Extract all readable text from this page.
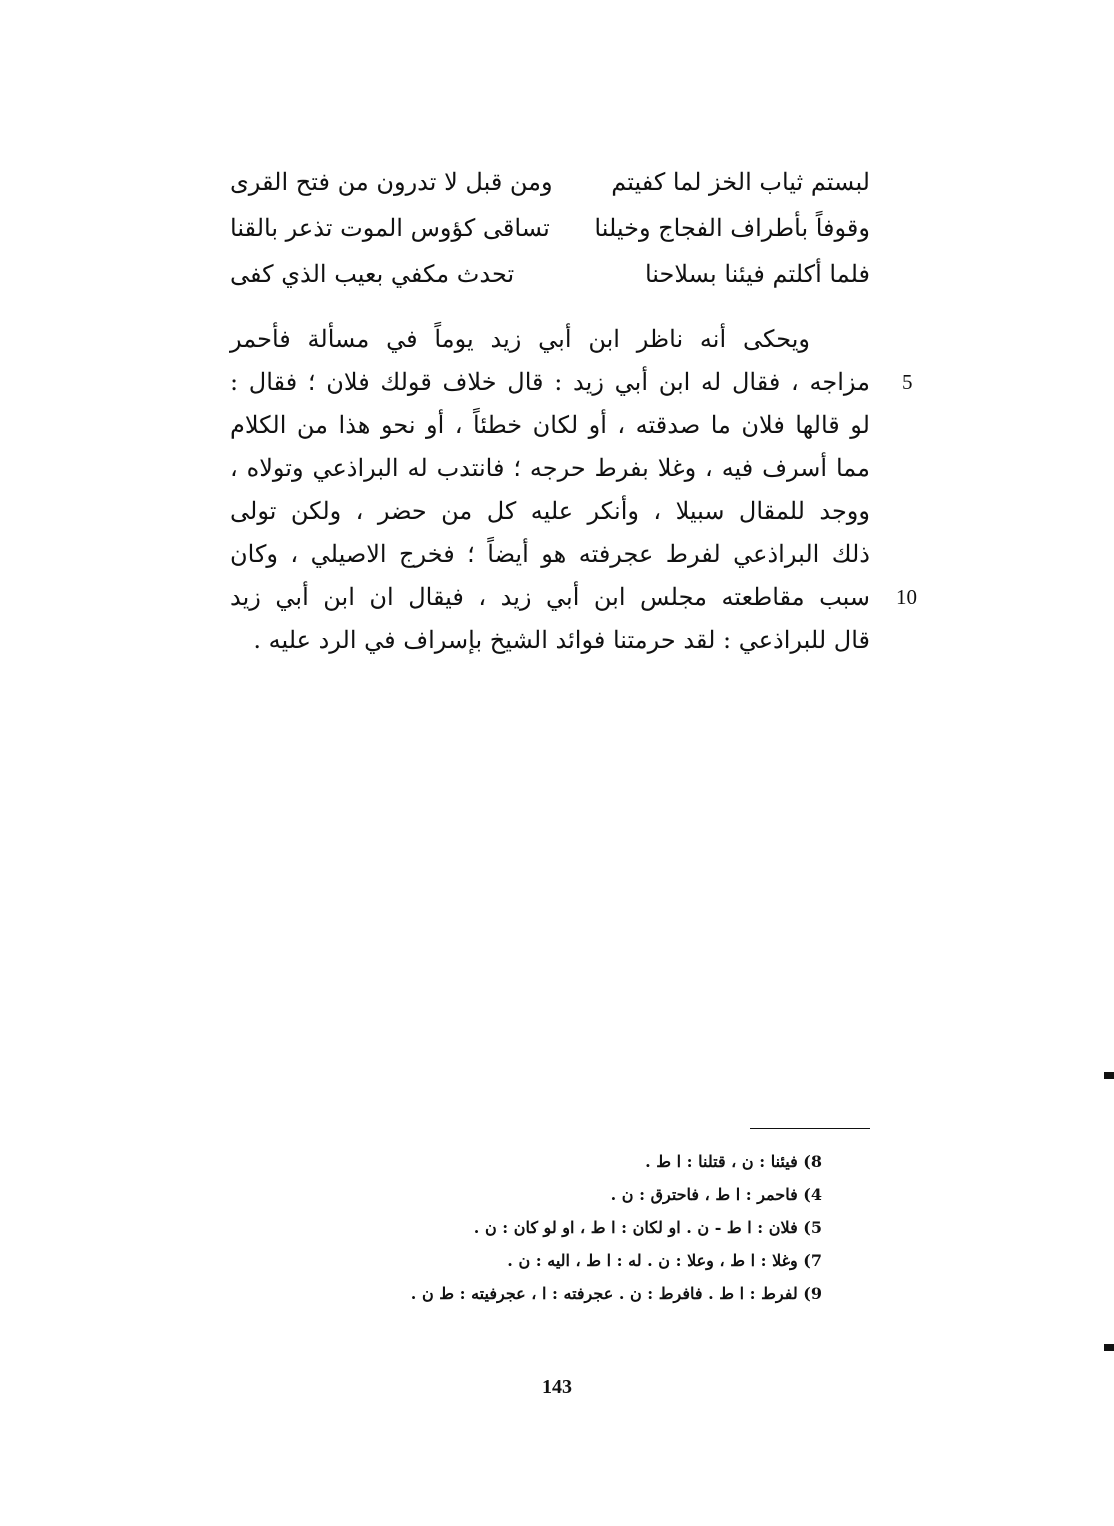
لبستم ثياب الخز لما كفيتم
ومن قبل لا تدرون من فتح القرى
وقوفاً بأطراف الفجاج وخيلنا
تساقى كؤوس الموت تذعر بالقنا
فلما أكلتم فيئنا بسلاحنا
تحدث مكفي بعيب الذي كفى
ويحكى أنه ناظر ابن أبي زيد يوماً في مسألة فأحمر
مزاجه ، فقال له ابن أبي زيد : قال خلاف قولك فلان ؛ فقال :
لو قالها فلان ما صدقته ، أو لكان خطئاً ، أو نحو هذا من الكلام
مما أسرف فيه ، وغلا بفرط حرجه ؛ فانتدب له البراذعي وتولاه ،
ووجد للمقال سبيلا ، وأنكر عليه كل من حضر ، ولكن تولى
ذلك البراذعي لفرط عجرفته هو أيضاً ؛ فخرج الاصيلي ، وكان
سبب مقاطعته مجلس ابن أبي زيد ، فيقال ان ابن أبي زيد
قال للبراذعي : لقد حرمتنا فوائد الشيخ بإسراف في الرد عليه .
5
10
8) فيئنا : ن ، قتلنا : ا ط .
4) فاحمر : ا ط ، فاحترق : ن .
5) فلان : ا ط - ن . او لكان : ا ط ، او لو كان : ن .
7) وغلا : ا ط ، وعلا : ن . له : ا ط ، اليه : ن .
9) لفرط : ا ط . فافرط : ن . عجرفته : ا ، عجرفيته : ط ن .
143
